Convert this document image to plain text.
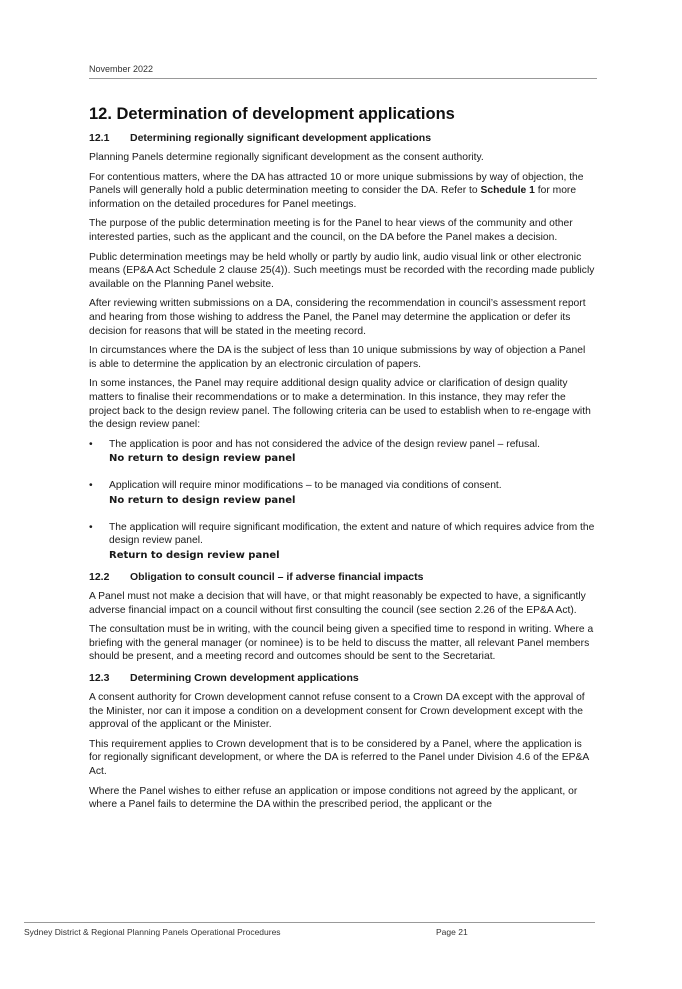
November 2022
12. Determination of development applications
12.1	Determining regionally significant development applications

Planning Panels determine regionally significant development as the consent authority.

For contentious matters, where the DA has attracted 10 or more unique submissions by way of objection, the Panels will generally hold a public determination meeting to consider the DA. Refer to Schedule 1 for more information on the detailed procedures for Panel meetings.

The purpose of the public determination meeting is for the Panel to hear views of the community and other interested parties, such as the applicant and the council, on the DA before the Panel makes a decision.

Public determination meetings may be held wholly or partly by audio link, audio visual link or other electronic means (EP&A Act Schedule 2 clause 25(4)). Such meetings must be recorded with the recording made publicly available on the Planning Panel website.

After reviewing written submissions on a DA, considering the recommendation in council’s assessment report and hearing from those wishing to address the Panel, the Panel may determine the application or defer its decision for reasons that will be stated in the meeting record.

In circumstances where the DA is the subject of less than 10 unique submissions by way of objection a Panel is able to determine the application by an electronic circulation of papers.

In some instances, the Panel may require additional design quality advice or clarification of design quality matters to finalise their recommendations or to make a determination. In this instance, they may refer the project back to the design review panel. The following criteria can be used to establish when to re-engage with the design review panel:

• The application is poor and has not considered the advice of the design review panel – refusal.
No return to design review panel
• Application will require minor modifications – to be managed via conditions of consent.
No return to design review panel
• The application will require significant modification, the extent and nature of which requires advice from the design review panel.
Return to design review panel
12.2	Obligation to consult council – if adverse financial impacts

A Panel must not make a decision that will have, or that might reasonably be expected to have, a significantly adverse financial impact on a council without first consulting the council (see section 2.26 of the EP&A Act).

The consultation must be in writing, with the council being given a specified time to respond in writing. Where a briefing with the general manager (or nominee) is to be held to discuss the matter, all relevant Panel members should be present, and a meeting record and outcomes should be sent to the Secretariat.

12.3	Determining Crown development applications

A consent authority for Crown development cannot refuse consent to a Crown DA except with the approval of the Minister, nor can it impose a condition on a development consent for Crown development except with the approval of the applicant or the Minister.

This requirement applies to Crown development that is to be considered by a Panel, where the application is for regionally significant development, or where the DA is referred to the Panel under Division 4.6 of the EP&A Act.

Where the Panel wishes to either refuse an application or impose conditions not agreed by the applicant, or where a Panel fails to determine the DA within the prescribed period, the applicant or the

Sydney District & Regional Planning Panels Operational Procedures	Page 21
